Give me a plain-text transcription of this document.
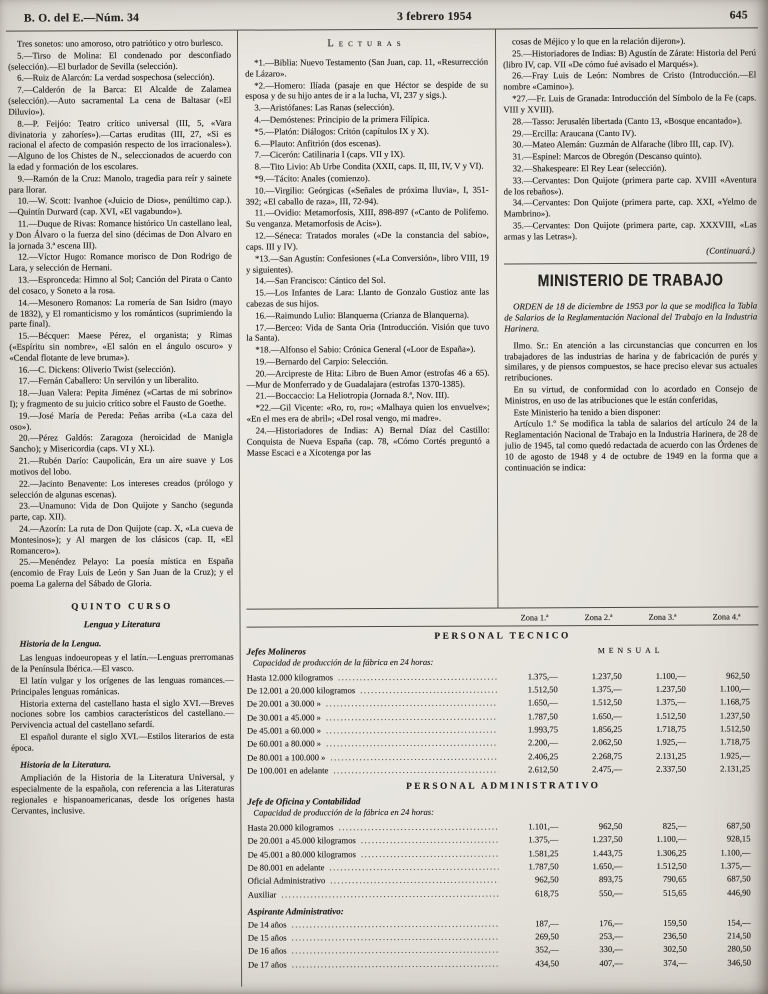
B. O. del E.—Núm. 34	3 febrero 1954	645

Tres sonetos: uno amoroso, otro patriótico y otro burlesco.

5.—Tirso de Molina: El condenado por desconfiado (selección).—El burlador de Sevilla (selección).

6.—Ruiz de Alarcón: La verdad sospechosa (selección).

7.—Calderón de la Barca: El Alcalde de Zalamea (selección).—Auto sacramental La cena de Baltasar («El Diluvio»).

8.—P. Feijóo: Teatro crítico universal (III, 5, «Vara divinatoria y zahoríes»).—Cartas eruditas (III, 27, «Si es racional el afecto de compasión respecto de los irracionales»).—Alguno de los Chistes de N., seleccionados de acuerdo con la edad y formación de los escolares.

9.—Ramón de la Cruz: Manolo, tragedia para reír y sainete para llorar.

10.—W. Scott: Ivanhoe («Juicio de Dios», penúltimo cap.).—Quintín Durward (cap. XVI, «El vagabundo»).

11.—Duque de Rivas: Romance histórico Un castellano leal, y Don Álvaro o la fuerza del sino (décimas de Don Alvaro en la jornada 3.ª escena III).

12.—Víctor Hugo: Romance morisco de Don Rodrigo de Lara, y selección de Hernani.

13.—Espronceda: Himno al Sol; Canción del Pirata o Canto del cosaco, y Soneto a la rosa.

14.—Mesonero Romanos: La romería de San Isidro (mayo de 1832), y El romanticismo y los románticos (suprimiendo la parte final).

15.—Bécquer: Maese Pérez, el organista; y Rimas («Espíritu sin nombre», «El salón en el ángulo oscuro» y «Cendal flotante de leve bruma»).

16.—C. Dickens: Oliverio Twist (selección).

17.—Fernán Caballero: Un servilón y un liberalito.

18.—Juan Valera: Pepita Jiménez («Cartas de mi sobrino» I); y fragmento de su juicio crítico sobre el Fausto de Goethe.

19.—José María de Pereda: Peñas arriba («La caza del oso»).

20.—Pérez Galdós: Zaragoza (heroicidad de Manigla Sancho); y Misericordia (caps. VI y XL).

21.—Rubén Darío: Caupolicán, Era un aire suave y Los motivos del lobo.

22.—Jacinto Benavente: Los intereses creados (prólogo y selección de algunas escenas).

23.—Unamuno: Vida de Don Quijote y Sancho (segunda parte, cap. XII).

24.—Azorín: La ruta de Don Quijote (cap. X, «La cueva de Montesinos»); y Al margen de los clásicos (cap. II, «El Romancero»).

25.—Menéndez Pelayo: La poesía mística en España (encomio de Fray Luis de León y San Juan de la Cruz); y el poema La galerna del Sábado de Gloria.

QUINTO CURSO

Lengua y Literatura

Historia de la Lengua.

Las lenguas indoeuropeas y el latín.—Lenguas prerromanas de la Península Ibérica.—El vasco.

El latín vulgar y los orígenes de las lenguas romances.—Principales lenguas románicas.

Historia externa del castellano hasta el siglo XVI.—Breves nociones sobre los cambios característicos del castellano.—Pervivencia actual del castellano sefardí.

El español durante el siglo XVI.—Estilos literarios de esta época.

Historia de la Literatura.

Ampliación de la Historia de la Literatura Universal, y especialmente de la española, con referencia a las Literaturas regionales e hispanoamericanas, desde los orígenes hasta Cervantes, inclusive.

Lecturas

*1.—Biblia: Nuevo Testamento (San Juan, cap. 11, «Resurrección de Lázaro».

*2.—Homero: Ilíada (pasaje en que Héctor se despide de su esposa y de su hijo antes de ir a la lucha, VI, 237 y sigs.).

3.—Aristófanes: Las Ranas (selección).

4.—Demóstenes: Principio de la primera Filípica.

*5.—Platón: Diálogos: Critón (capítulos IX y X).

6.—Plauto: Anfitrión (dos escenas).

7.—Cicerón: Catilinaria I (caps. VII y IX).

8.—Tito Livio: Ab Urbe Condita (XXII, caps. II, III, IV, V y VI).

*9.—Tácito: Anales (comienzo).

10.—Virgilio: Geórgicas («Señales de próxima lluvia», I, 351-392; «El caballo de raza», III, 72-94).

11.—Ovidio: Metamorfosis, XIII, 898-897 («Canto de Polifemo. Su venganza. Metamorfosis de Acis»).

12.—Séneca: Tratados morales («De la constancia del sabio», caps. III y IV).

*13.—San Agustín: Confesiones («La Conversión», libro VIII, 19 y siguientes).

14.—San Francisco: Cántico del Sol.

15.—Los Infantes de Lara: Llanto de Gonzalo Gustioz ante las cabezas de sus hijos.

16.—Raimundo Lulio: Blanquerna (Crianza de Blanquerna).

17.—Berceo: Vida de Santa Oria (Introducción. Visión que tuvo la Santa).

*18.—Alfonso el Sabio: Crónica General («Loor de España»).

19.—Bernardo del Carpio: Selección.

20.—Arcipreste de Hita: Libro de Buen Amor (estrofas 46 a 65).—Mur de Monferrado y de Guadalajara (estrofas 1370-1385).

21.—Boccaccio: La Heliotropia (Jornada 8.ª, Nov. III).

*22.—Gil Vicente: «Ro, ro, ro»; «Malhaya quien los envuelve»; «En el mes era de abril»; «Del rosal vengo, mi madre».

24.—Historiadores de Indias: A) Bernal Díaz del Castillo: Conquista de Nueva España (cap. 78, «Cómo Cortés preguntó a Masse Escaci e a Xicotenga por las

cosas de Méjico y lo que en la relación dijeron»).

25.—Historiadores de Indias: B) Agustín de Zárate: Historia del Perú (libro IV, cap. VII «De cómo fué avisado el Marqués»).

26.—Fray Luis de León: Nombres de Cristo (Introducción.—El nombre «Camino»).

*27.—Fr. Luis de Granada: Introducción del Símbolo de la Fe (caps. VIII y XVIII).

28.—Tasso: Jerusalén libertada (Canto 13, «Bosque encantado»).

29.—Ercilla: Araucana (Canto IV).

30.—Mateo Alemán: Guzmán de Alfarache (libro III, cap. IV).

31.—Espinel: Marcos de Obregón (Descanso quinto).

32.—Shakespeare: El Rey Lear (selección).

33.—Cervantes: Don Quijote (primera parte cap. XVIII «Aventura de los rebaños»).

34.—Cervantes: Don Quijote (primera parte, cap. XXI, «Yelmo de Mambrino»).

35.—Cervantes: Don Quijote (primera parte, cap. XXXVIII, «Las armas y las Letras»).

(Continuará.)

MINISTERIO DE TRABAJO

ORDEN de 18 de diciembre de 1953 por la que se modifica la Tabla de Salarios de la Reglamentación Nacional del Trabajo en la Industria Harinera.

Ilmo. Sr.: En atención a las circunstancias que concurren en los trabajadores de las industrias de harina y de fabricación de purés y similares, y de piensos compuestos, se hace preciso elevar sus actuales retribuciones.

En su virtud, de conformidad con lo acordado en Consejo de Ministros, en uso de las atribuciones que le están conferidas,

Este Ministerio ha tenido a bien disponer:

Artículo 1.º Se modifica la tabla de salarios del artículo 24 de la Reglamentación Nacional de Trabajo en la Industria Harinera, de 28 de julio de 1945, tal como quedó redactada de acuerdo con las Órdenes de 10 de agosto de 1948 y 4 de octubre de 1949 en la forma que a continuación se indica:

Zona 1.ª	Zona 2.ª	Zona 3.ª	Zona 4.ª
PERSONAL TECNICO
Jefes Molineros	MENSUAL

Capacidad de producción de la fábrica en 24 horas:

Hasta 12.000 kilogramos .....	1.375,—	1.237,50	1.100,—	962,50
De 12.001 a 20.000 kilogramos .....	1.512,50	1.375,—	1.237,50	1.100,—
De 20.001 a 30.000 » .....	1.650,—	1.512,50	1.375,—	1.168,75
De 30.001 a 45.000 » .....	1.787,50	1.650,—	1.512,50	1.237,50
De 45.001 a 60.000 » .....	1.993,75	1.856,25	1.718,75	1.512,50
De 60.001 a 80.000 » .....	2.200,—	2.062,50	1.925,—	1.718,75
De 80.001 a 100.000 » .....	2.406,25	2.268,75	2.131,25	1.925,—
De 100.001 en adelante .....	2.612,50	2.475,—	2.337,50	2.131,25
PERSONAL ADMINISTRATIVO
Jefe de Oficina y Contabilidad

Capacidad de producción de la fábrica en 24 horas:

Hasta 20.000 kilogramos .....	1.101,—	962,50	825,—	687,50
De 20.001 a 45.000 kilogramos .....	1.375,—	1.237,50	1.100,—	928,15
De 45.001 a 80.000 kilogramos .....	1.581,25	1.443,75	1.306,25	1.100,—
De 80.001 en adelante .....	1.787,50	1.650,—	1.512,50	1.375,—
Oficial Administrativo .....	962,50	893,75	790,65	687,50
Auxiliar .....	618,75	550,—	515,65	446,90

Aspirante Administrativo:

De 14 años .....	187,—	176,—	159,50	154,—
De 15 años .....	269,50	253,—	236,50	214,50
De 16 años .....	352,—	330,—	302,50	280,50
De 17 años .....	434,50	407,—	374,—	346,50
